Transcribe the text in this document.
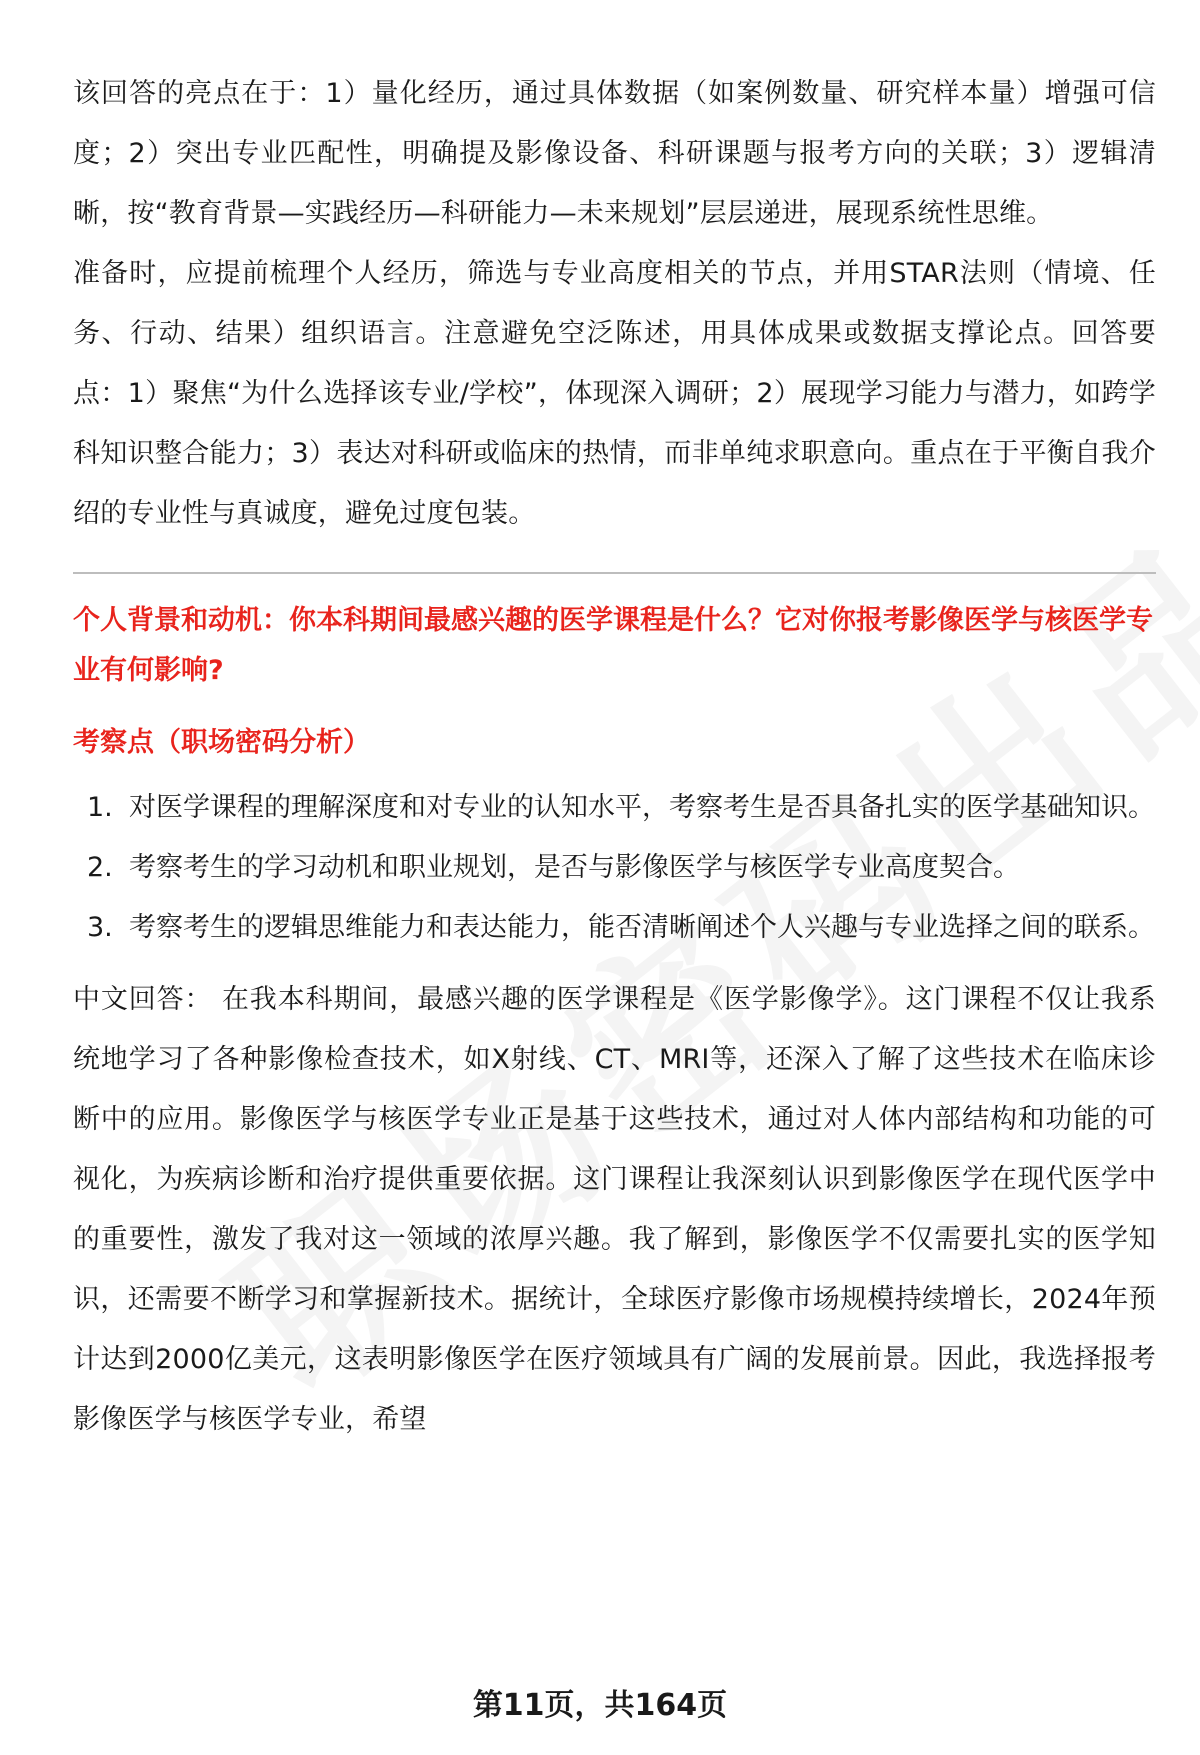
该回答的亮点在于：1）量化经历，通过具体数据（如案例数量、研究样本量）增强可信度；2）突出专业匹配性，明确提及影像设备、科研课题与报考方向的关联；3）逻辑清晰，按“教育背景—实践经历—科研能力—未来规划”层层递进，展现系统性思维。

准备时，应提前梳理个人经历，筛选与专业高度相关的节点，并用STAR法则（情境、任务、行动、结果）组织语言。注意避免空泛陈述，用具体成果或数据支撑论点。回答要点：1）聚焦“为什么选择该专业/学校”，体现深入调研；2）展现学习能力与潜力，如跨学科知识整合能力；3）表达对科研或临床的热情，而非单纯求职意向。重点在于平衡自我介绍的专业性与真诚度，避免过度包装。

个人背景和动机：你本科期间最感兴趣的医学课程是什么？它对你报考影像医学与核医学专业有何影响?

考察点（职场密码分析）

1. 对医学课程的理解深度和对专业的认知水平，考察考生是否具备扎实的医学基础知识。
2. 考察考生的学习动机和职业规划，是否与影像医学与核医学专业高度契合。
3. 考察考生的逻辑思维能力和表达能力，能否清晰阐述个人兴趣与专业选择之间的联系。

中文回答： 在我本科期间，最感兴趣的医学课程是《医学影像学》。这门课程不仅让我系统地学习了各种影像检查技术，如X射线、CT、MRI等，还深入了解了这些技术在临床诊断中的应用。影像医学与核医学专业正是基于这些技术，通过对人体内部结构和功能的可视化，为疾病诊断和治疗提供重要依据。这门课程让我深刻认识到影像医学在现代医学中的重要性，激发了我对这一领域的浓厚兴趣。我了解到，影像医学不仅需要扎实的医学知识，还需要不断学习和掌握新技术。据统计，全球医疗影像市场规模持续增长，2024年预计达到2000亿美元，这表明影像医学在医疗领域具有广阔的发展前景。因此，我选择报考影像医学与核医学专业，希望

第11页，共164页
